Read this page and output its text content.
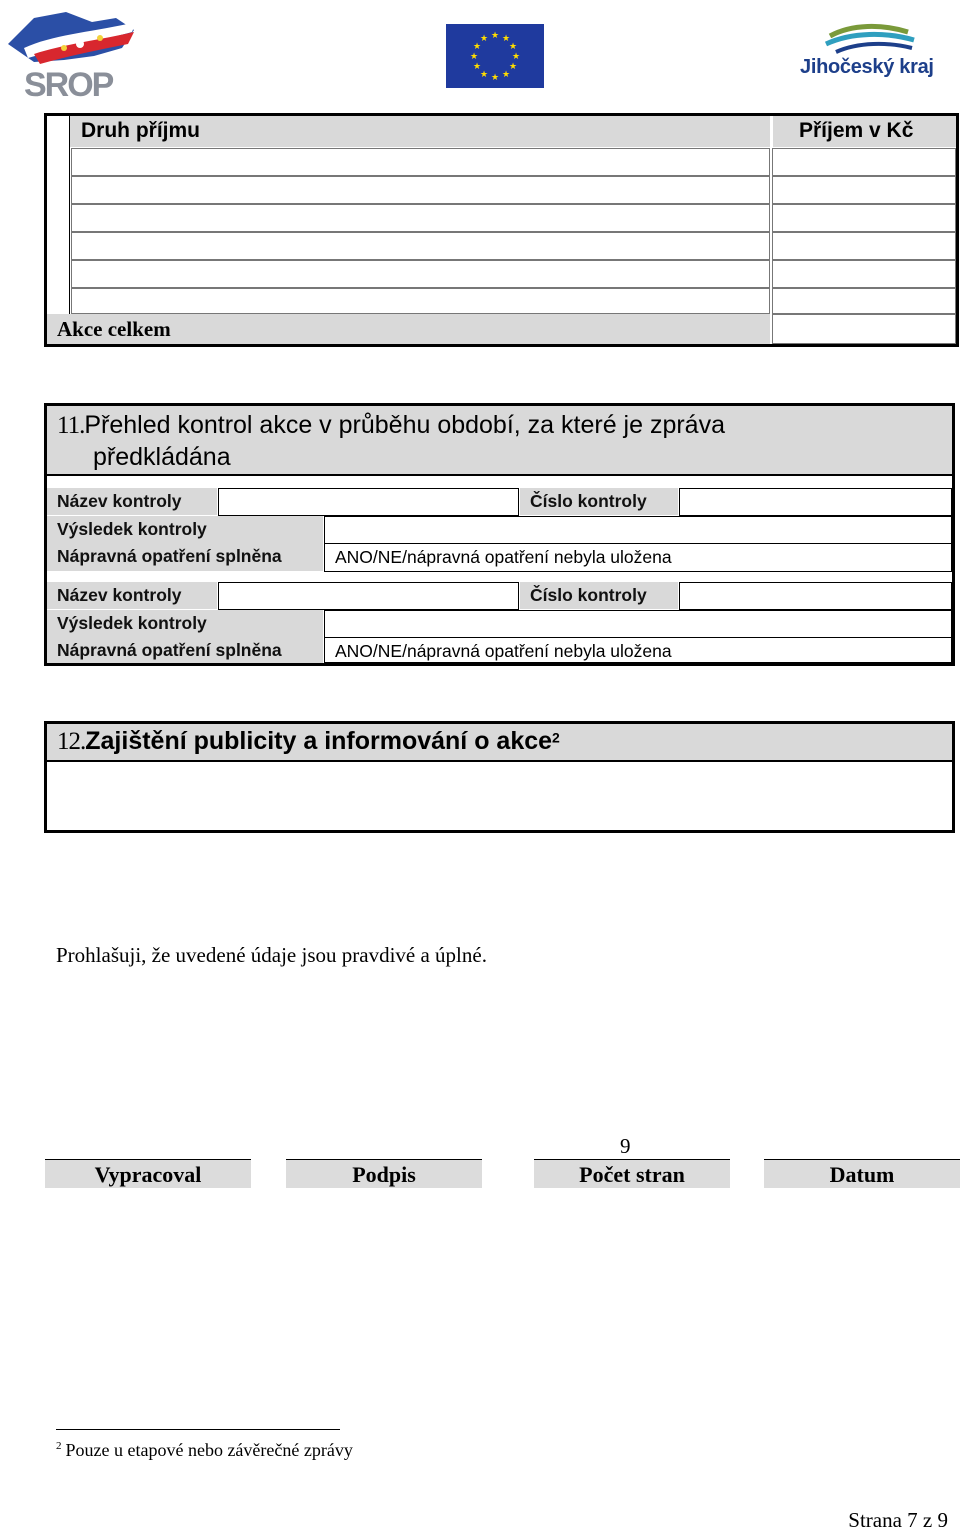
SROP
★ ★
★
★
★
★
★
★
★
★
★
★
Jihočeský kraj
Druh příjmu	Příjem v Kč
Akce celkem
11.Přehled kontrol akce v průběhu období, za které je zpráva
předkládána
Název kontroly	Číslo kontroly
Výsledek kontroly
Nápravná opatření splněna	ANO/NE/nápravná opatření nebyla uložena
Název kontroly	Číslo kontroly
Výsledek kontroly
Nápravná opatření splněna	ANO/NE/nápravná opatření nebyla uložena
12.Zajištění publicity a informování o akce$^2$
Prohlašuji, že uvedené údaje jsou pravdivé a úplné.
9
Vypracoval	Podpis	Počet stran	Datum
$^2$ Pouze u etapové nebo závěrečné zprávy
Strana 7 z 9
